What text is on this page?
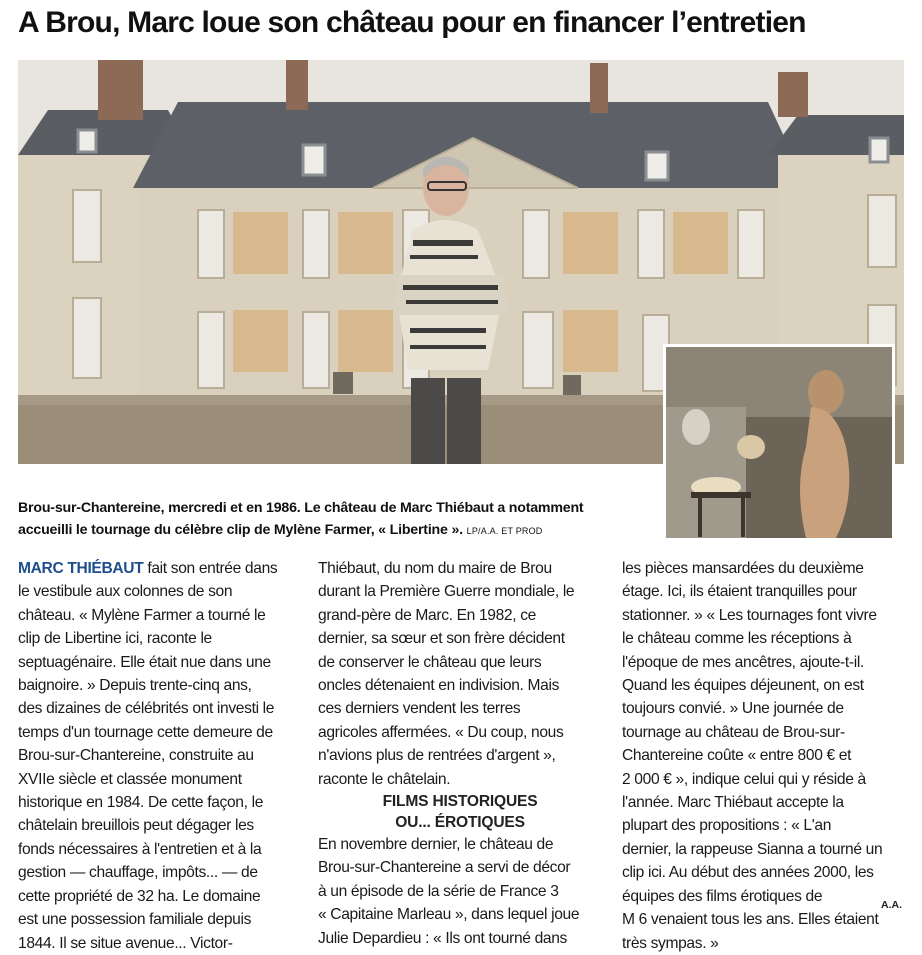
A Brou, Marc loue son château pour en financer l’entretien
Brou-sur-Chantereine, mercredi et en 1986. Le château de Marc Thiébaut a notamment
accueilli le tournage du célèbre clip de Mylène Farmer, « Libertine ». LP/A.A. ET PROD
MARC THIÉBAUT fait son entrée dans
le vestibule aux colonnes de son
château. « Mylène Farmer a tourné le
clip de Libertine ici, raconte le
septuagénaire. Elle était nue dans une
baignoire. » Depuis trente-cinq ans,
des dizaines de célébrités ont investi le
temps d'un tournage cette demeure de
Brou-sur-Chantereine, construite au
XVIIe siècle et classée monument
historique en 1984. De cette façon, le
châtelain breuillois peut dégager les
fonds nécessaires à l'entretien et à la
gestion — chauffage, impôts... — de
cette propriété de 32 ha. Le domaine
est une possession familiale depuis
1844. Il se situe avenue... Victor-
Thiébaut, du nom du maire de Brou
durant la Première Guerre mondiale, le
grand-père de Marc. En 1982, ce
dernier, sa sœur et son frère décident
de conserver le château que leurs
oncles détenaient en indivision. Mais
ces derniers vendent les terres
agricoles affermées. « Du coup, nous
n'avions plus de rentrées d'argent »,
raconte le châtelain.
FILMS HISTORIQUES
OU... ÉROTIQUES
En novembre dernier, le château de
Brou-sur-Chantereine a servi de décor
à un épisode de la série de France 3
« Capitaine Marleau », dans lequel joue
Julie Depardieu : « Ils ont tourné dans
les pièces mansardées du deuxième
étage. Ici, ils étaient tranquilles pour
stationner. » « Les tournages font vivre
le château comme les réceptions à
l'époque de mes ancêtres, ajoute-t-il.
Quand les équipes déjeunent, on est
toujours convié. » Une journée de
tournage au château de Brou-sur-
Chantereine coûte « entre 800 € et
2 000 € », indique celui qui y réside à
l'année. Marc Thiébaut accepte la
plupart des propositions : « L'an
dernier, la rappeuse Sianna a tourné un
clip ici. Au début des années 2000, les
équipes des films érotiques de
M 6 venaient tous les ans. Elles étaient
très sympas. »
A.A.
